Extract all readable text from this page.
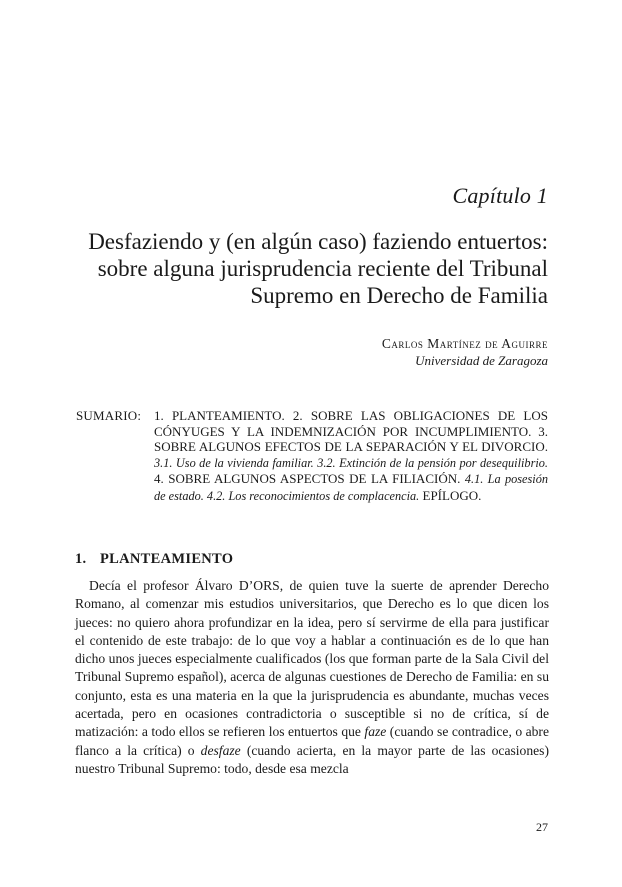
Capítulo 1
Desfaziendo y (en algún caso) faziendo entuertos: sobre alguna jurisprudencia reciente del Tribunal Supremo en Derecho de Familia
Carlos Martínez de Aguirre
Universidad de Zaragoza
SUMARIO: 1. PLANTEAMIENTO. 2. SOBRE LAS OBLIGACIONES DE LOS CÓNYUGES Y LA INDEMNIZACIÓN POR INCUMPLIMIENTO. 3. SOBRE ALGUNOS EFECTOS DE LA SEPARACIÓN Y EL DIVORCIO. 3.1. Uso de la vivienda familiar. 3.2. Extinción de la pensión por desequilibrio. 4. SOBRE ALGUNOS ASPECTOS DE LA FILIACIÓN. 4.1. La posesión de estado. 4.2. Los reconocimientos de complacencia. EPÍLOGO.
1. PLANTEAMIENTO

Decía el profesor Álvaro D’ORS, de quien tuve la suerte de aprender Derecho Romano, al comenzar mis estudios universitarios, que Derecho es lo que dicen los jueces: no quiero ahora profundizar en la idea, pero sí servirme de ella para justificar el contenido de este trabajo: de lo que voy a hablar a continuación es de lo que han dicho unos jueces especialmente cualificados (los que forman parte de la Sala Civil del Tribunal Supremo español), acerca de algunas cuestiones de Derecho de Familia: en su conjunto, esta es una materia en la que la jurisprudencia es abundante, muchas veces acertada, pero en ocasiones contradictoria o susceptible si no de crítica, sí de matización: a todo ellos se refieren los entuertos que faze (cuando se contradice, o abre flanco a la crítica) o desfaze (cuando acierta, en la mayor parte de las ocasiones) nuestro Tribunal Supremo: todo, desde esa mezcla

27
